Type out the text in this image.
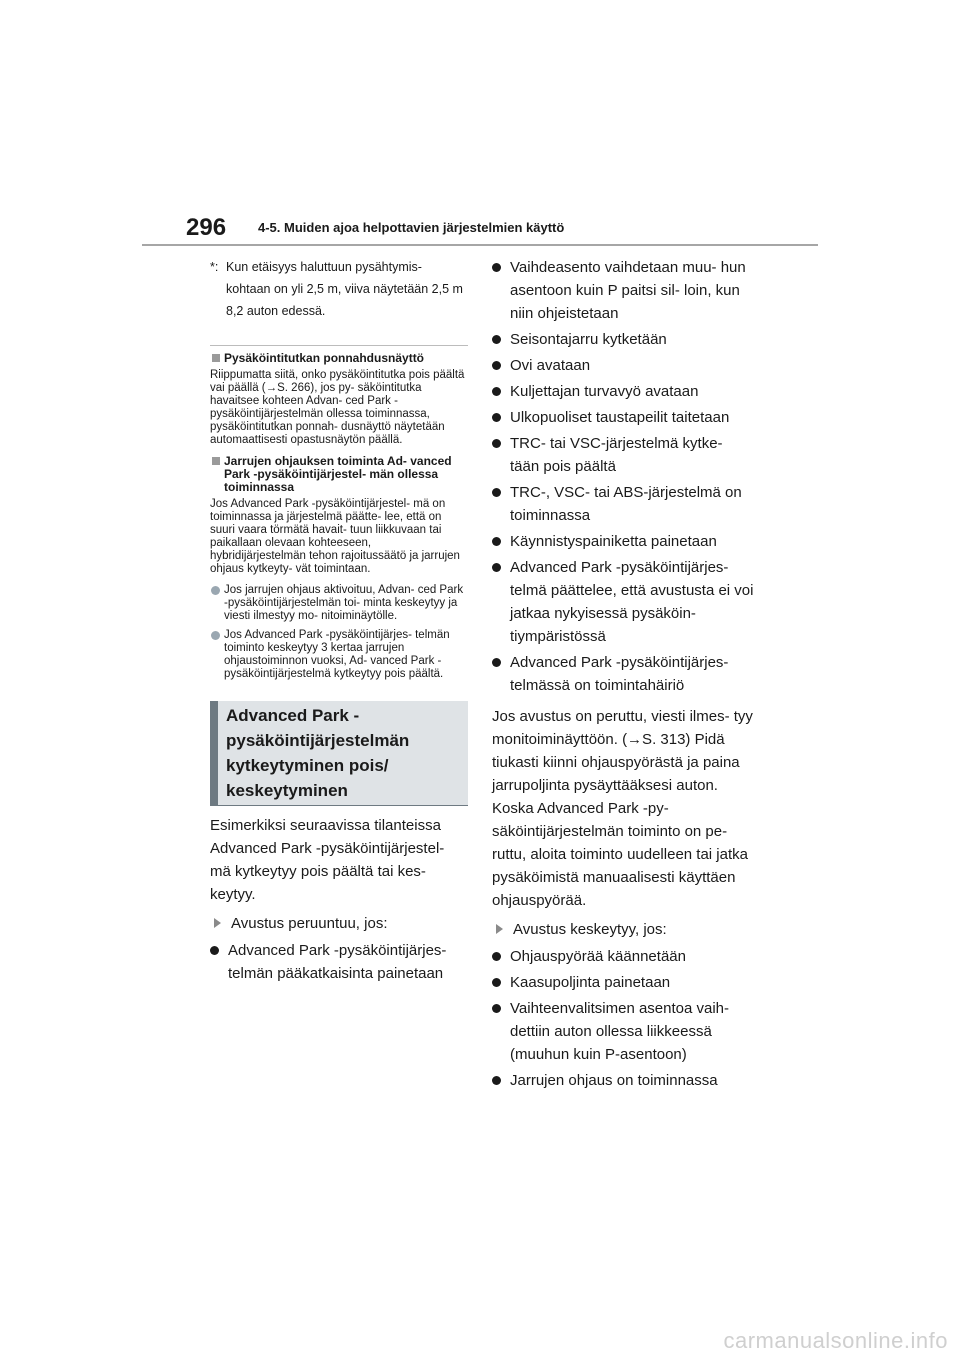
296 4-5. Muiden ajoa helpottavien järjestelmien käyttö
*: Kun etäisyys haluttuun pysähtymis- kohtaan on yli 2,5 m, viiva näytetään 2,5 m 8,2 auton edessä.
Pysäköintitutkan ponnahdusnäyttö
Riippumatta siitä, onko pysäköintitutka pois päältä vai päällä (→S. 266), jos py- säköintitutka havaitsee kohteen Advan- ced Park -pysäköintijärjestelmän ollessa toiminnassa, pysäköintitutkan ponnah- dusnäyttö näytetään automaattisesti opastusnäytön päällä.
Jarrujen ohjauksen toiminta Ad- vanced Park -pysäköintijärjestel- män ollessa toiminnassa
Jos Advanced Park -pysäköintijärjestel- mä on toiminnassa ja järjestelmä päätte- lee, että on suuri vaara törmätä havait- tuun liikkuvaan tai paikallaan olevaan kohteeseen, hybridijärjestelmän tehon rajoitussäätö ja jarrujen ohjaus kytkeyty- vät toimintaan.
Jos jarrujen ohjaus aktivoituu, Advan- ced Park -pysäköintijärjestelmän toi- minta keskeytyy ja viesti ilmestyy mo- nitoiminäytölle.
Jos Advanced Park -pysäköintijärjes- telmän toiminto keskeytyy 3 kertaa jarrujen ohjaustoiminnon vuoksi, Ad- vanced Park -pysäköintijärjestelmä kytkeytyy pois päältä.
Advanced Park -pysäköintijärjestelmän kytkeytyminen pois/ keskeytyminen
Esimerkiksi seuraavissa tilanteissa Advanced Park -pysäköintijärjestel- mä kytkeytyy pois päältä tai kes- keytyy.
Avustus peruuntuu, jos:
Advanced Park -pysäköintijärjes- telmän pääkatkaisinta painetaan
Vaihdeasento vaihdetaan muu- hun asentoon kuin P paitsi sil- loin, kun niin ohjeistetaan
Seisontajarru kytketään
Ovi avataan
Kuljettajan turvavyö avataan
Ulkopuoliset taustapeilit taitetaan
TRC- tai VSC-järjestelmä kytke- tään pois päältä
TRC-, VSC- tai ABS-järjestelmä on toiminnassa
Käynnistyspainiketta painetaan
Advanced Park -pysäköintijärjes- telmä päättelee, että avustusta ei voi jatkaa nykyisessä pysäköin- tiympäristössä
Advanced Park -pysäköintijärjes- telmässä on toimintahäiriö
Jos avustus on peruttu, viesti ilmes- tyy monitoiminäyttöön. (→S. 313) Pidä tiukasti kiinni ohjauspyörästä ja paina jarrupoljinta pysäyttääksesi auton. Koska Advanced Park -py- säköintijärjestelmän toiminto on pe- ruttu, aloita toiminto uudelleen tai jatka pysäköimistä manuaalisesti käyttäen ohjauspyörää.
Avustus keskeytyy, jos:
Ohjauspyörää käännetään
Kaasupoljinta painetaan
Vaihteenvalitsimen asentoa vaih- dettiin auton ollessa liikkeessä (muuhun kuin P-asentoon)
Jarrujen ohjaus on toiminnassa
carmanualsonline.info
